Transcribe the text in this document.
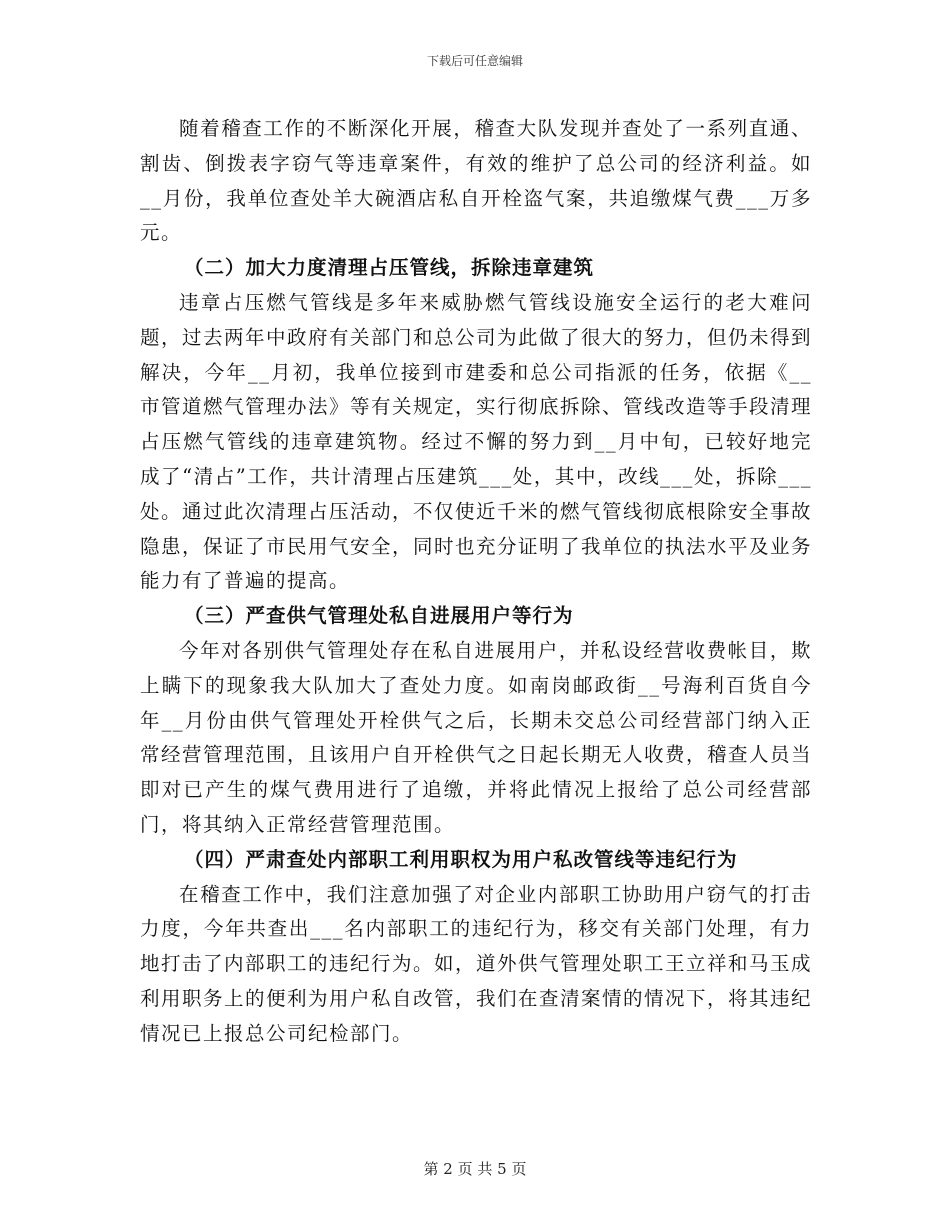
下载后可任意编辑

随着稽查工作的不断深化开展，稽查大队发现并查处了一系列直通、割齿、倒拨表字窃气等违章案件，有效的维护了总公司的经济利益。如__月份，我单位查处羊大碗酒店私自开栓盗气案，共追缴煤气费___万多元。

（二）加大力度清理占压管线，拆除违章建筑

违章占压燃气管线是多年来威胁燃气管线设施安全运行的老大难问题，过去两年中政府有关部门和总公司为此做了很大的努力，但仍未得到解决，今年__月初，我单位接到市建委和总公司指派的任务，依据《__市管道燃气管理办法》等有关规定，实行彻底拆除、管线改造等手段清理占压燃气管线的违章建筑物。经过不懈的努力到__月中旬，已较好地完成了“清占”工作，共计清理占压建筑___处，其中，改线___处，拆除___处。通过此次清理占压活动，不仅使近千米的燃气管线彻底根除安全事故隐患，保证了市民用气安全，同时也充分证明了我单位的执法水平及业务能力有了普遍的提高。

（三）严查供气管理处私自进展用户等行为

今年对各别供气管理处存在私自进展用户，并私设经营收费帐目，欺上瞒下的现象我大队加大了查处力度。如南岗邮政街__号海利百货自今年__月份由供气管理处开栓供气之后，长期未交总公司经营部门纳入正常经营管理范围，且该用户自开栓供气之日起长期无人收费，稽查人员当即对已产生的煤气费用进行了追缴，并将此情况上报给了总公司经营部门，将其纳入正常经营管理范围。

（四）严肃查处内部职工利用职权为用户私改管线等违纪行为

在稽查工作中，我们注意加强了对企业内部职工协助用户窃气的打击力度，今年共查出___名内部职工的违纪行为，移交有关部门处理，有力地打击了内部职工的违纪行为。如，道外供气管理处职工王立祥和马玉成利用职务上的便利为用户私自改管，我们在查清案情的情况下，将其违纪情况已上报总公司纪检部门。

第 2 页 共 5 页
